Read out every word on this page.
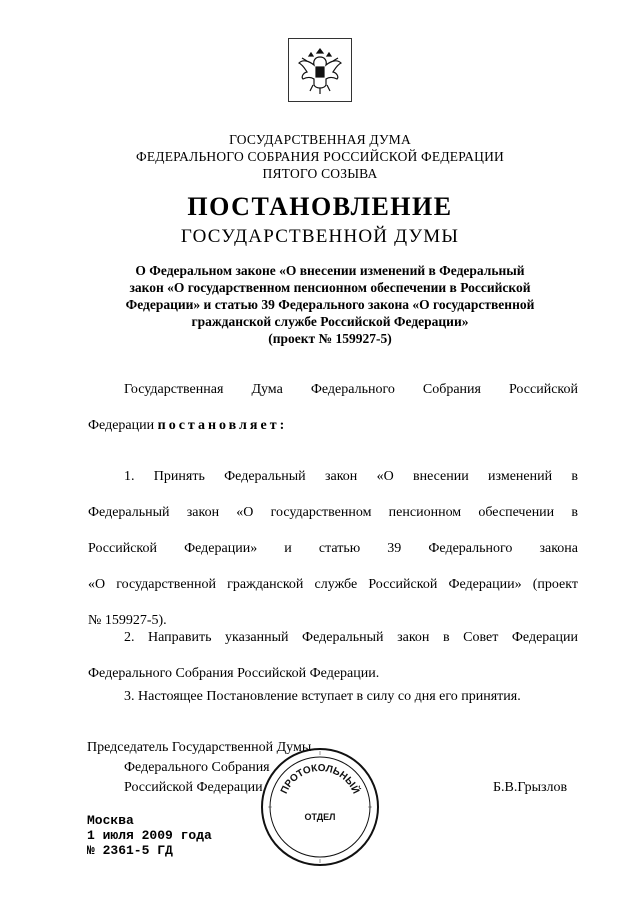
ГОСУДАРСТВЕННАЯ ДУМА
ФЕДЕРАЛЬНОГО СОБРАНИЯ РОССИЙСКОЙ ФЕДЕРАЦИИ
ПЯТОГО СОЗЫВА
ПОСТАНОВЛЕНИЕ
ГОСУДАРСТВЕННОЙ ДУМЫ
О Федеральном законе «О внесении изменений в Федеральный
закон «О государственном пенсионном обеспечении в Российской
Федерации» и статью 39 Федерального закона «О государственной
гражданской службе Российской Федерации»
(проект № 159927-5)
Государственная Дума Федерального Собрания Российской
Федерации постановляет:
1. Принять Федеральный закон «О внесении изменений в
Федеральный закон «О государственном пенсионном обеспечении в
Российской Федерации» и статью 39 Федерального закона
«О государственной гражданской службе Российской Федерации» (проект
№ 159927-5).
2. Направить указанный Федеральный закон в Совет Федерации
Федерального Собрания Российской Федерации.
3. Настоящее Постановление вступает в силу со дня его принятия.
Председатель Государственной Думы
Федерального Собрания
Российской Федерации	Б.В.Грызлов
Москва
1 июля 2009 года
№ 2361-5 ГД
ПРОТОКОЛЬНЫЙ
ОТДЕЛ
